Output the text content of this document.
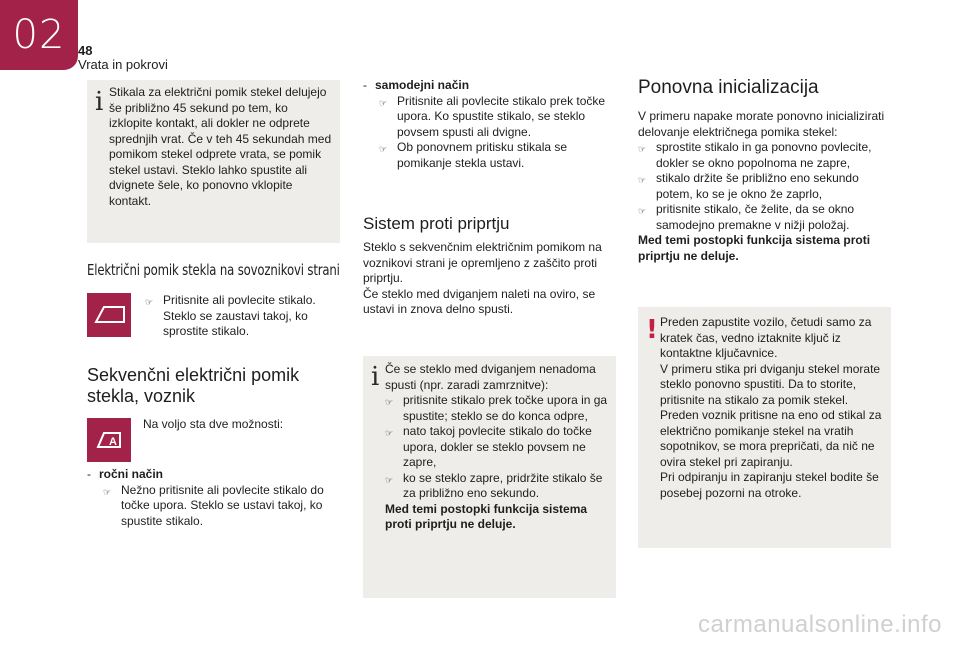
02 48
Vrata in pokrovi
i Stikala za električni pomik stekel delujejo še približno 45 sekund po tem, ko izklopite kontakt, ali dokler ne odprete sprednjih vrat. Če v teh 45 sekundah med pomikom stekel odprete vrata, se pomik stekel ustavi. Steklo lahko spustite ali dvignete šele, ko ponovno vklopite kontakt.
Električni pomik stekla na sovoznikovi strani
☞ Pritisnite ali povlecite stikalo. Steklo se zaustavi takoj, ko sprostite stikalo.
Sekvenčni električni pomik stekla, voznik
A
Na voljo sta dve možnosti:
- ročni način
☞ Nežno pritisnite ali povlecite stikalo do točke upora. Steklo se ustavi takoj, ko spustite stikalo.
- samodejni način
☞ Pritisnite ali povlecite stikalo prek točke upora. Ko spustite stikalo, se steklo povsem spusti ali dvigne.
☞ Ob ponovnem pritisku stikala se pomikanje stekla ustavi.
Sistem proti priprtju

Steklo s sekvenčnim električnim pomikom na voznikovi strani je opremljeno z zaščito proti priprtju.

Če steklo med dviganjem naleti na oviro, se ustavi in znova delno spusti.

i Če se steklo med dviganjem nenadoma spusti (npr. zaradi zamrznitve):

☞ pritisnite stikalo prek točke upora in ga spustite; steklo se do konca odpre,
☞ nato takoj povlecite stikalo do točke upora, dokler se steklo povsem ne zapre,
☞ ko se steklo zapre, pridržite stikalo še za približno eno sekundo.

Med temi postopki funkcija sistema proti priprtju ne deluje.

Ponovna inicializacija

V primeru napake morate ponovno inicializirati delovanje električnega pomika stekel:

☞ sprostite stikalo in ga ponovno povlecite, dokler se okno popolnoma ne zapre,
☞ stikalo držite še približno eno sekundo potem, ko se je okno že zaprlo,
☞ pritisnite stikalo, če želite, da se okno samodejno premakne v nižji položaj.

Med temi postopki funkcija sistema proti priprtju ne deluje.

! Preden zapustite vozilo, četudi samo za kratek čas, vedno iztaknite ključ iz kontaktne ključavnice.

V primeru stika pri dviganju stekel morate steklo ponovno spustiti. Da to storite, pritisnite na stikalo za pomik stekel.

Preden voznik pritisne na eno od stikal za električno pomikanje stekel na vratih sopotnikov, se mora prepričati, da nič ne ovira stekel pri zapiranju.

Pri odpiranju in zapiranju stekel bodite še posebej pozorni na otroke.

carmanualsonline.info
